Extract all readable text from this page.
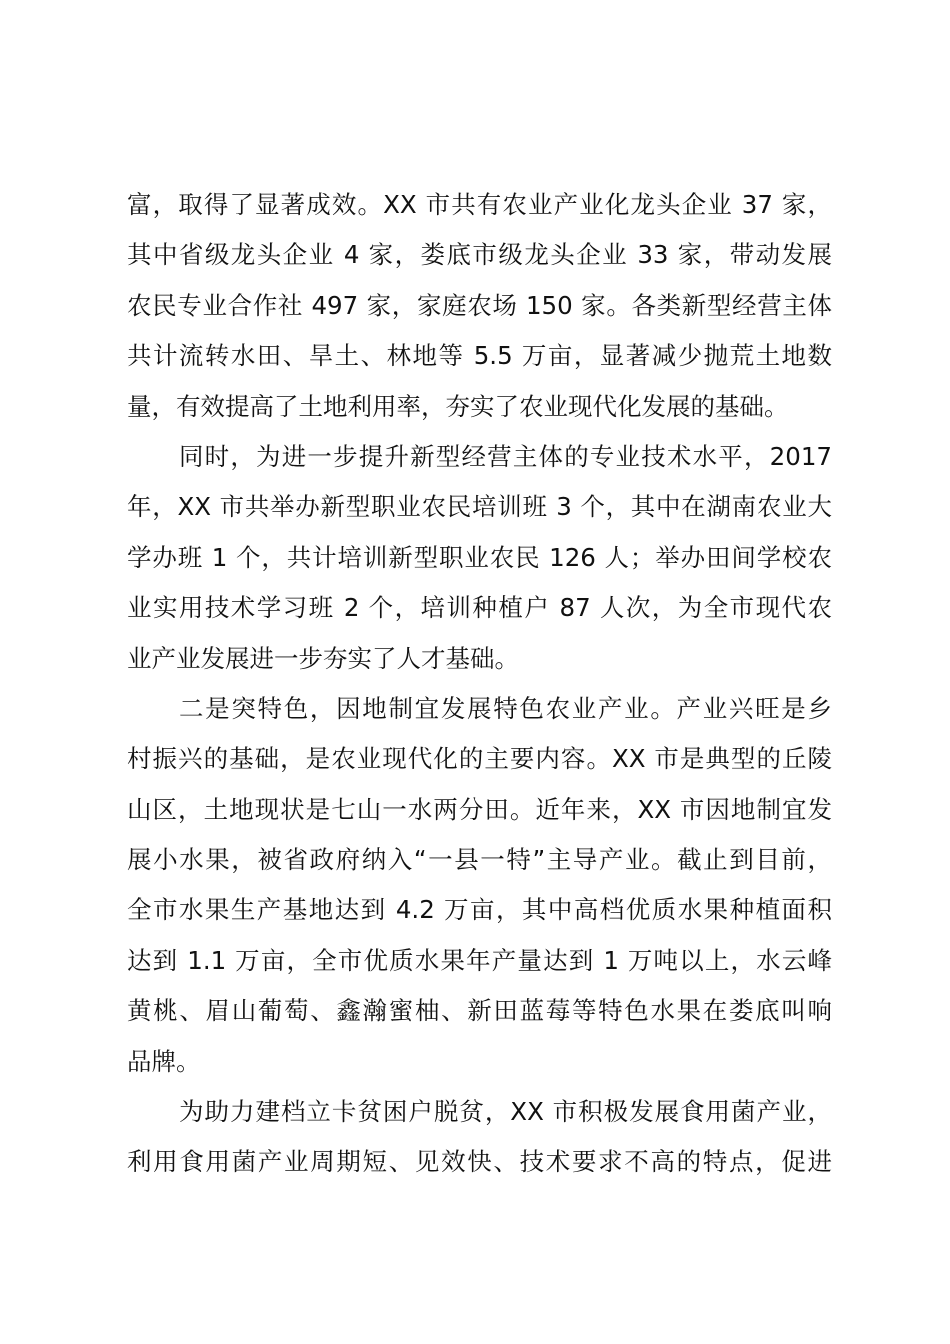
富，取得了显著成效。XX 市共有农业产业化龙头企业 37 家，
其中省级龙头企业 4 家，娄底市级龙头企业 33 家，带动发展
农民专业合作社 497 家，家庭农场 150 家。各类新型经营主体
共计流转水田、旱土、林地等 5.5 万亩，显著减少抛荒土地数
量，有效提高了土地利用率，夯实了农业现代化发展的基础。

同时，为进一步提升新型经营主体的专业技术水平，2017
年，XX 市共举办新型职业农民培训班 3 个，其中在湖南农业大
学办班 1 个，共计培训新型职业农民 126 人；举办田间学校农
业实用技术学习班 2 个，培训种植户 87 人次，为全市现代农
业产业发展进一步夯实了人才基础。

二是突特色，因地制宜发展特色农业产业。产业兴旺是乡
村振兴的基础，是农业现代化的主要内容。XX 市是典型的丘陵
山区，土地现状是七山一水两分田。近年来，XX 市因地制宜发
展小水果，被省政府纳入“一县一特”主导产业。截止到目前，
全市水果生产基地达到 4.2 万亩，其中高档优质水果种植面积
达到 1.1 万亩，全市优质水果年产量达到 1 万吨以上，水云峰
黄桃、眉山葡萄、鑫瀚蜜柚、新田蓝莓等特色水果在娄底叫响
品牌。

为助力建档立卡贫困户脱贫，XX 市积极发展食用菌产业，
利用食用菌产业周期短、见效快、技术要求不高的特点，促进
